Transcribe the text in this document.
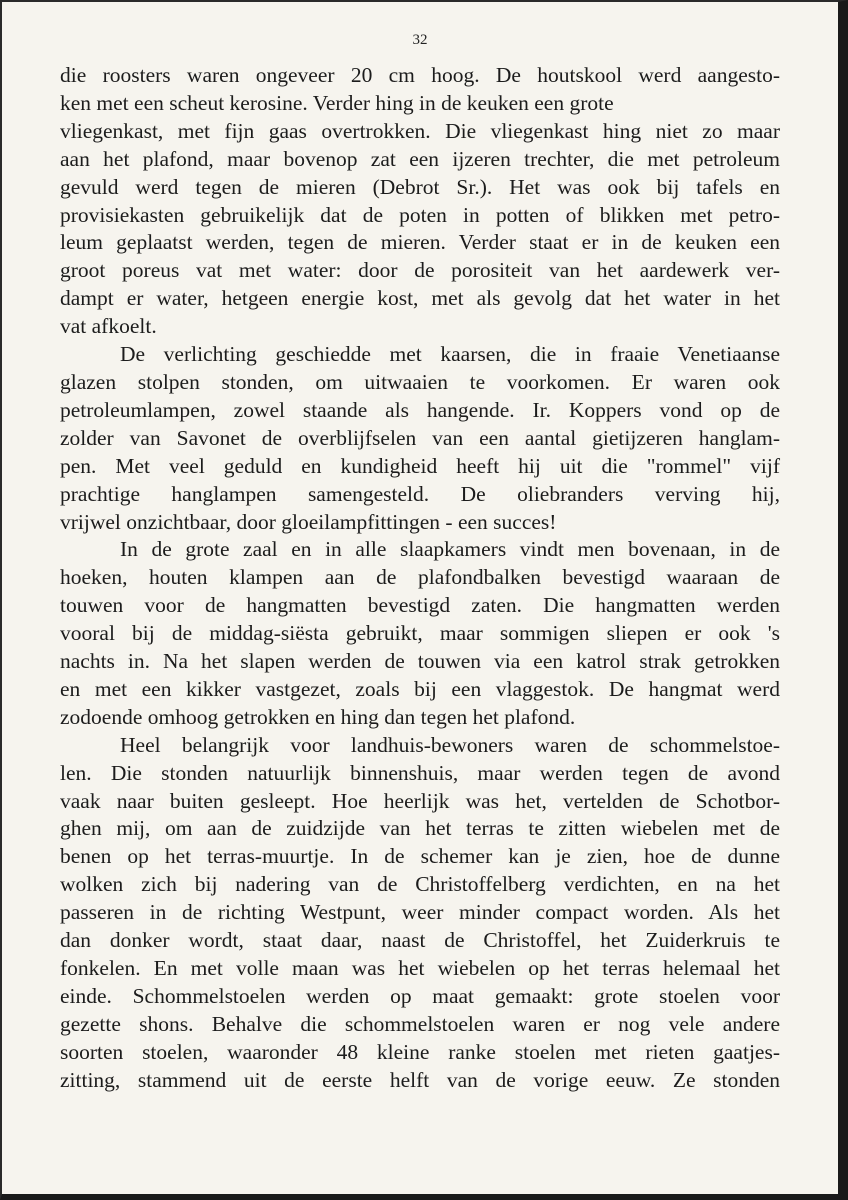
32
die roosters waren ongeveer 20 cm hoog. De houtskool werd aangesto-
ken met een scheut kerosine. Verder hing in de keuken een grote
vliegenkast, met fijn gaas overtrokken. Die vliegenkast hing niet zo maar
aan het plafond, maar bovenop zat een ijzeren trechter, die met petroleum
gevuld werd tegen de mieren (Debrot Sr.). Het was ook bij tafels en
provisiekasten gebruikelijk dat de poten in potten of blikken met petro-
leum geplaatst werden, tegen de mieren. Verder staat er in de keuken een
groot poreus vat met water: door de porositeit van het aardewerk ver-
dampt er water, hetgeen energie kost, met als gevolg dat het water in het
vat afkoelt.
De verlichting geschiedde met kaarsen, die in fraaie Venetiaanse
glazen stolpen stonden, om uitwaaien te voorkomen. Er waren ook
petroleumlampen, zowel staande als hangende. Ir. Koppers vond op de
zolder van Savonet de overblijfselen van een aantal gietijzeren hanglam-
pen. Met veel geduld en kundigheid heeft hij uit die "rommel" vijf
prachtige hanglampen samengesteld. De oliebranders verving hij,
vrijwel onzichtbaar, door gloeilampfittingen - een succes!
In de grote zaal en in alle slaapkamers vindt men bovenaan, in de
hoeken, houten klampen aan de plafondbalken bevestigd waaraan de
touwen voor de hangmatten bevestigd zaten. Die hangmatten werden
vooral bij de middag-siësta gebruikt, maar sommigen sliepen er ook 's
nachts in. Na het slapen werden de touwen via een katrol strak getrokken
en met een kikker vastgezet, zoals bij een vlaggestok. De hangmat werd
zodoende omhoog getrokken en hing dan tegen het plafond.
Heel belangrijk voor landhuis-bewoners waren de schommelstoe-
len. Die stonden natuurlijk binnenshuis, maar werden tegen de avond
vaak naar buiten gesleept. Hoe heerlijk was het, vertelden de Schotbor-
ghen mij, om aan de zuidzijde van het terras te zitten wiebelen met de
benen op het terras-muurtje. In de schemer kan je zien, hoe de dunne
wolken zich bij nadering van de Christoffelberg verdichten, en na het
passeren in de richting Westpunt, weer minder compact worden. Als het
dan donker wordt, staat daar, naast de Christoffel, het Zuiderkruis te
fonkelen. En met volle maan was het wiebelen op het terras helemaal het
einde. Schommelstoelen werden op maat gemaakt: grote stoelen voor
gezette shons. Behalve die schommelstoelen waren er nog vele andere
soorten stoelen, waaronder 48 kleine ranke stoelen met rieten gaatjes-
zitting, stammend uit de eerste helft van de vorige eeuw. Ze stonden
